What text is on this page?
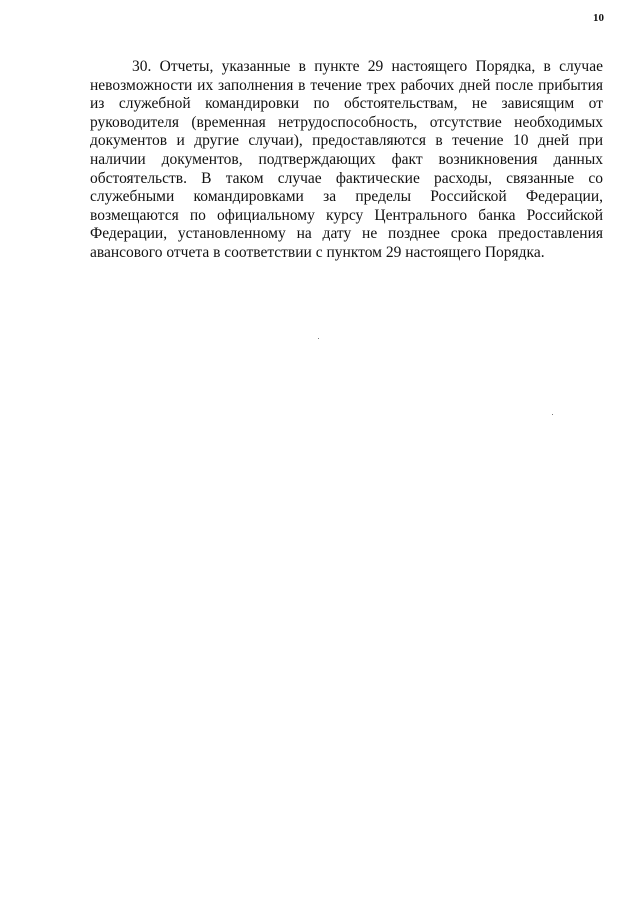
10
30. Отчеты, указанные в пункте 29 настоящего Порядка, в случае
невозможности их заполнения в течение трех рабочих дней после прибытия
из служебной командировки по обстоятельствам, не зависящим от
руководителя (временная нетрудоспособность, отсутствие необходимых
документов и другие случаи), предоставляются в течение 10 дней при
наличии документов, подтверждающих факт возникновения данных
обстоятельств. В таком случае фактические расходы, связанные со
служебными командировками за пределы Российской Федерации,
возмещаются по официальному курсу Центрального банка Российской
Федерации, установленному на дату не позднее срока предоставления
авансового отчета в соответствии с пунктом 29 настоящего Порядка.
